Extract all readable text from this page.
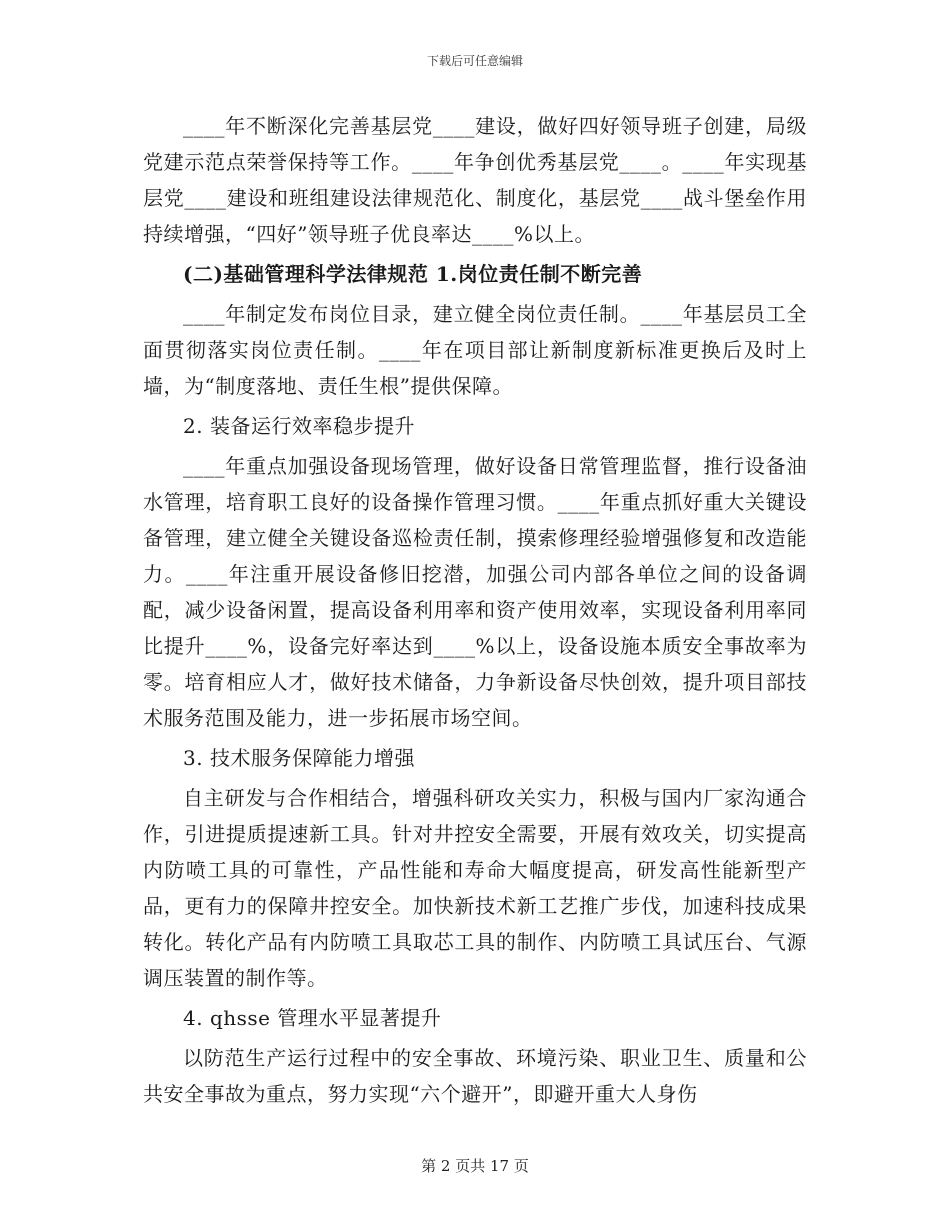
下载后可任意编辑

____年不断深化完善基层党____建设，做好四好领导班子创建，局级党建示范点荣誉保持等工作。____年争创优秀基层党____。____年实现基层党____建设和班组建设法律规范化、制度化，基层党____战斗堡垒作用持续增强，“四好”领导班子优良率达____%以上。

(二)基础管理科学法律规范 1.岗位责任制不断完善

____年制定发布岗位目录，建立健全岗位责任制。____年基层员工全面贯彻落实岗位责任制。____年在项目部让新制度新标准更换后及时上墙，为“制度落地、责任生根”提供保障。

2. 装备运行效率稳步提升

____年重点加强设备现场管理，做好设备日常管理监督，推行设备油水管理，培育职工良好的设备操作管理习惯。____年重点抓好重大关键设备管理，建立健全关键设备巡检责任制，摸索修理经验增强修复和改造能力。____年注重开展设备修旧挖潜，加强公司内部各单位之间的设备调配，减少设备闲置，提高设备利用率和资产使用效率，实现设备利用率同比提升____%，设备完好率达到____%以上，设备设施本质安全事故率为零。培育相应人才，做好技术储备，力争新设备尽快创效，提升项目部技术服务范围及能力，进一步拓展市场空间。

3. 技术服务保障能力增强

自主研发与合作相结合，增强科研攻关实力，积极与国内厂家沟通合作，引进提质提速新工具。针对井控安全需要，开展有效攻关，切实提高内防喷工具的可靠性，产品性能和寿命大幅度提高，研发高性能新型产品，更有力的保障井控安全。加快新技术新工艺推广步伐，加速科技成果转化。转化产品有内防喷工具取芯工具的制作、内防喷工具试压台、气源调压装置的制作等。

4. qhsse 管理水平显著提升

以防范生产运行过程中的安全事故、环境污染、职业卫生、质量和公共安全事故为重点，努力实现“六个避开”，即避开重大人身伤

第 2 页共 17 页
